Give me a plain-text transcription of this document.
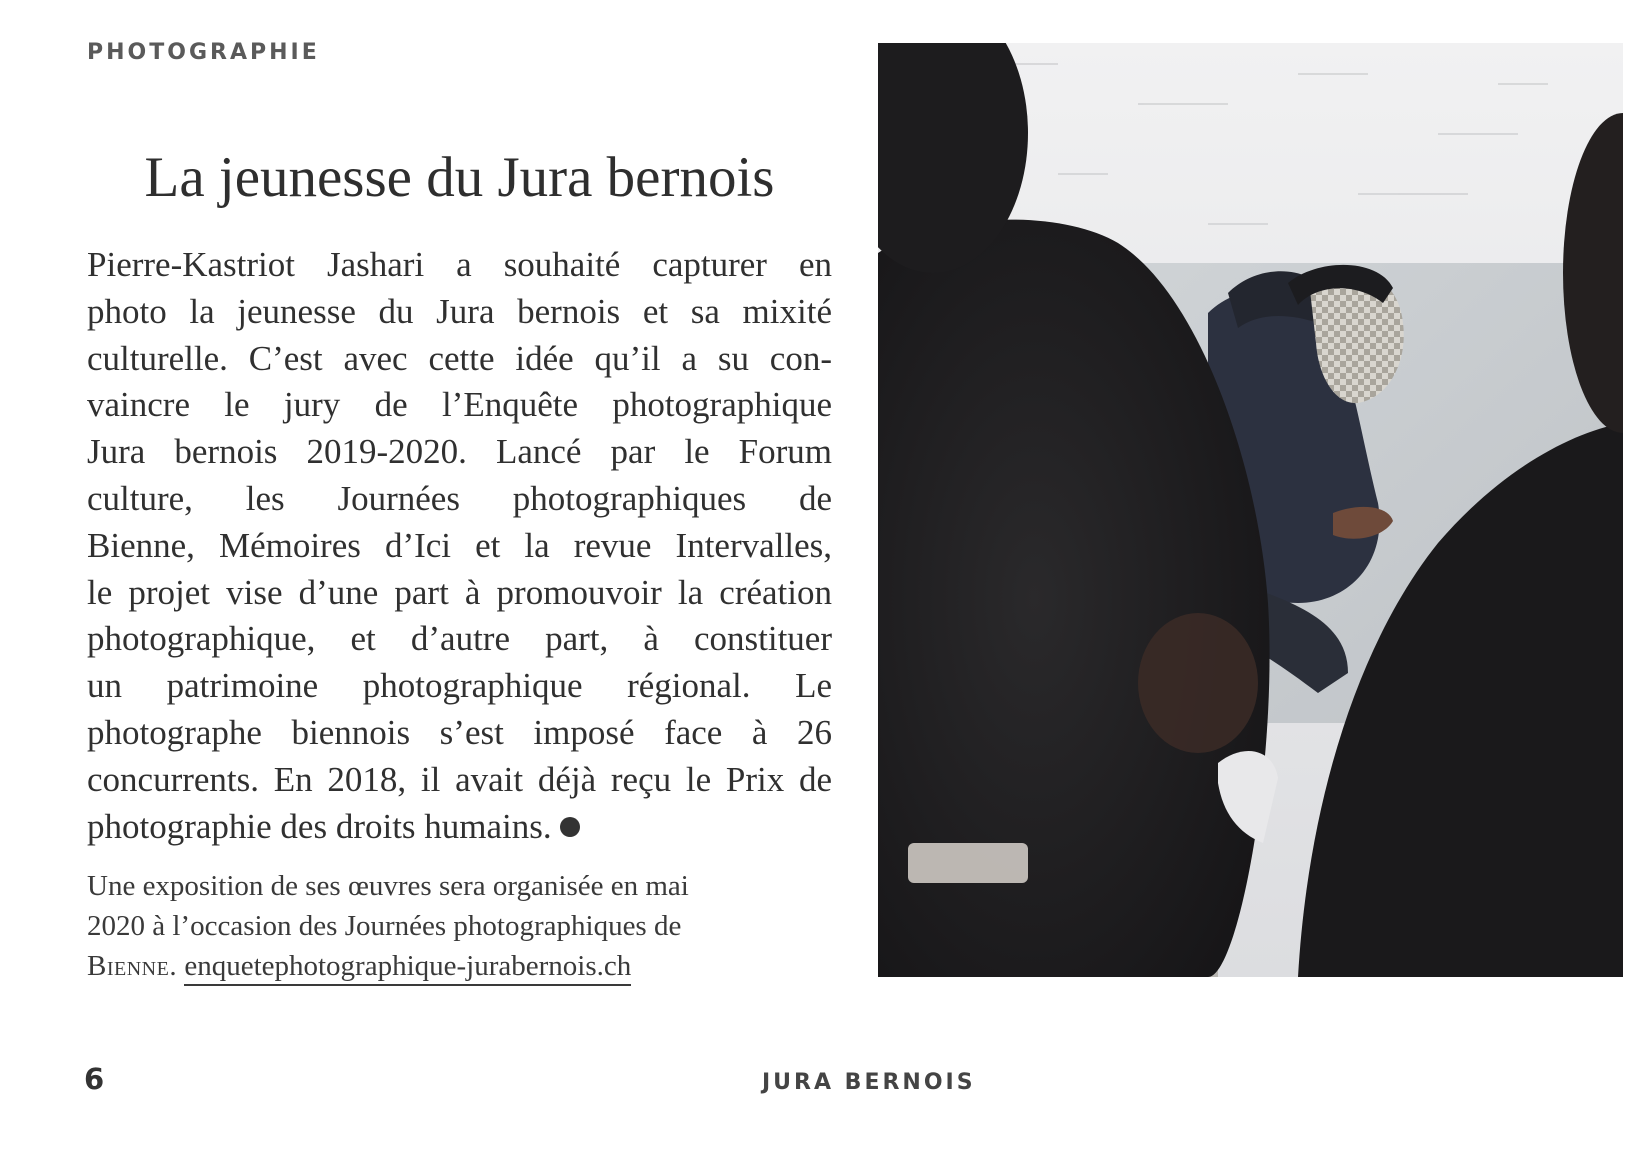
PHOTOGRAPHIE
La jeunesse du Jura bernois
Pierre-Kastriot Jashari a souhaité capturer en
photo la jeunesse du Jura bernois et sa mixité
culturelle. C’est avec cette idée qu’il a su con-
vaincre le jury de l’Enquête photographique
Jura bernois 2019-2020. Lancé par le Forum
culture, les Journées photographiques de
Bienne, Mémoires d’Ici et la revue Intervalles,
le projet vise d’une part à promouvoir la création
photographique, et d’autre part, à constituer
un patrimoine photographique régional. Le
photographe biennois s’est imposé face à 26
concurrents. En 2018, il avait déjà reçu le Prix de
photographie des droits humains.
Une exposition de ses œuvres sera organisée en mai
2020 à l’occasion des Journées photographiques de
Bienne. enquetephotographique-jurabernois.ch
6	JURA BERNOIS
